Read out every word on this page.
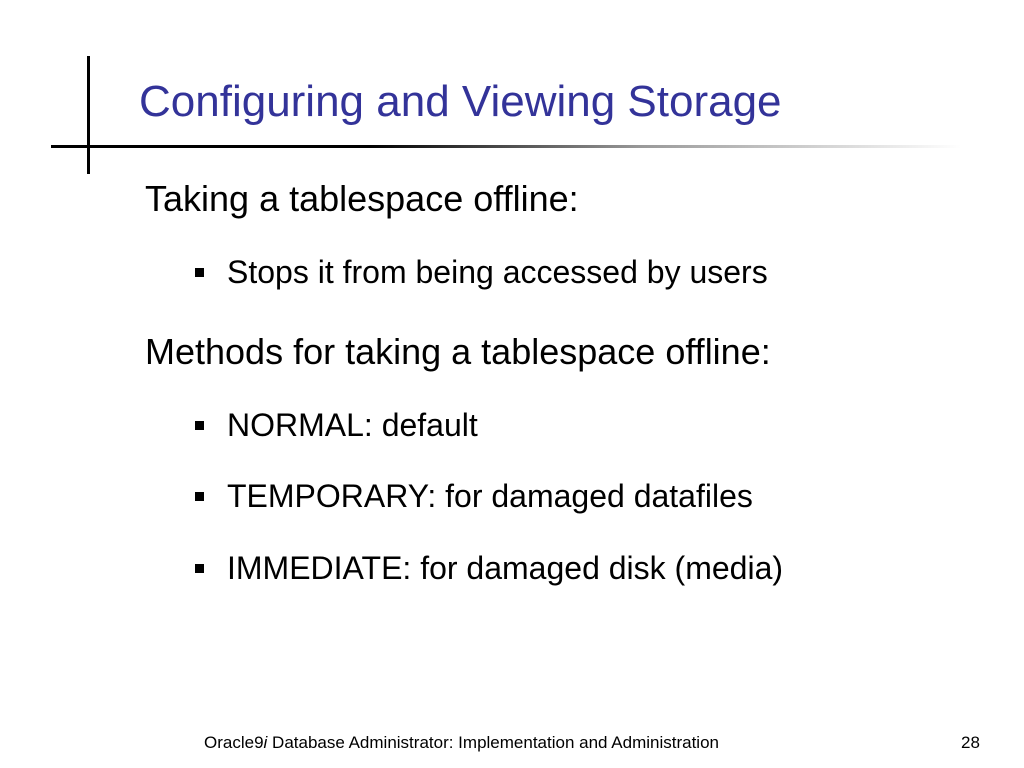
Configuring and Viewing Storage
Taking a tablespace offline:
Stops it from being accessed by users
Methods for taking a tablespace offline:
NORMAL: default
TEMPORARY: for damaged datafiles
IMMEDIATE: for damaged disk (media)
Oracle9i Database Administrator: Implementation and Administration	28
